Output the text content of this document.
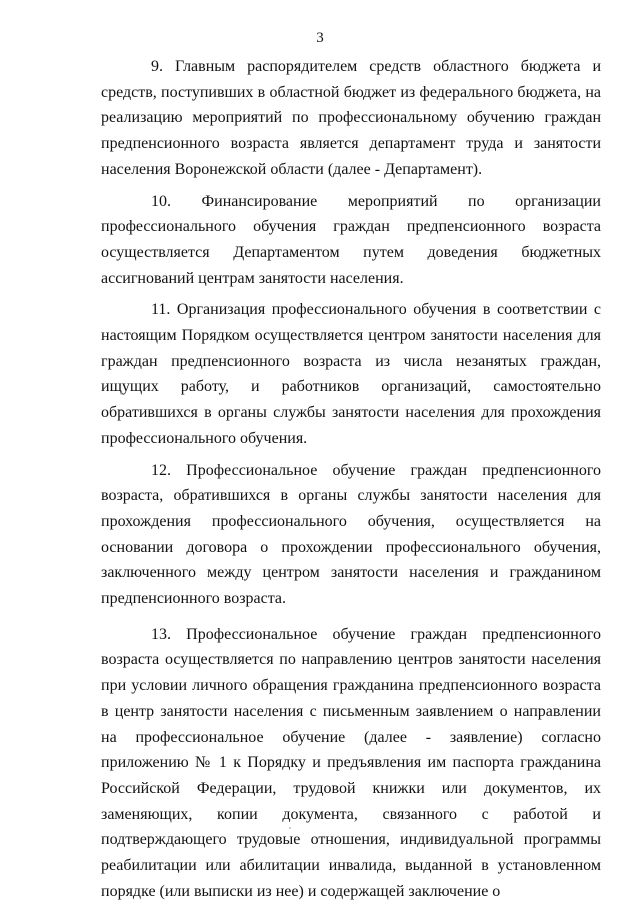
3

9. Главным распорядителем средств областного бюджета и средств, поступивших в областной бюджет из федерального бюджета, на реализацию мероприятий по профессиональному обучению граждан предпенсионного возраста является департамент труда и занятости населения Воронежской области (далее - Департамент).

10. Финансирование мероприятий по организации профессионального обучения граждан предпенсионного возраста осуществляется Департаментом путем доведения бюджетных ассигнований центрам занятости населения.

11. Организация профессионального обучения в соответствии с настоящим Порядком осуществляется центром занятости населения для граждан предпенсионного возраста из числа незанятых граждан, ищущих работу, и работников организаций, самостоятельно обратившихся в органы службы занятости населения для прохождения профессионального обучения.

12. Профессиональное обучение граждан предпенсионного возраста, обратившихся в органы службы занятости населения для прохождения профессионального обучения, осуществляется на основании договора о прохождении профессионального обучения, заключенного между центром занятости населения и гражданином предпенсионного возраста.

13. Профессиональное обучение граждан предпенсионного возраста осуществляется по направлению центров занятости населения при условии личного обращения гражданина предпенсионного возраста в центр занятости населения с письменным заявлением о направлении на профессиональное обучение (далее - заявление) согласно приложению № 1 к Порядку и предъявления им паспорта гражданина Российской Федерации, трудовой книжки или документов, их заменяющих, копии документа, связанного с работой и подтверждающего трудовые отношения, индивидуальной программы реабилитации или абилитации инвалида, выданной в установленном порядке (или выписки из нее) и содержащей заключение о
